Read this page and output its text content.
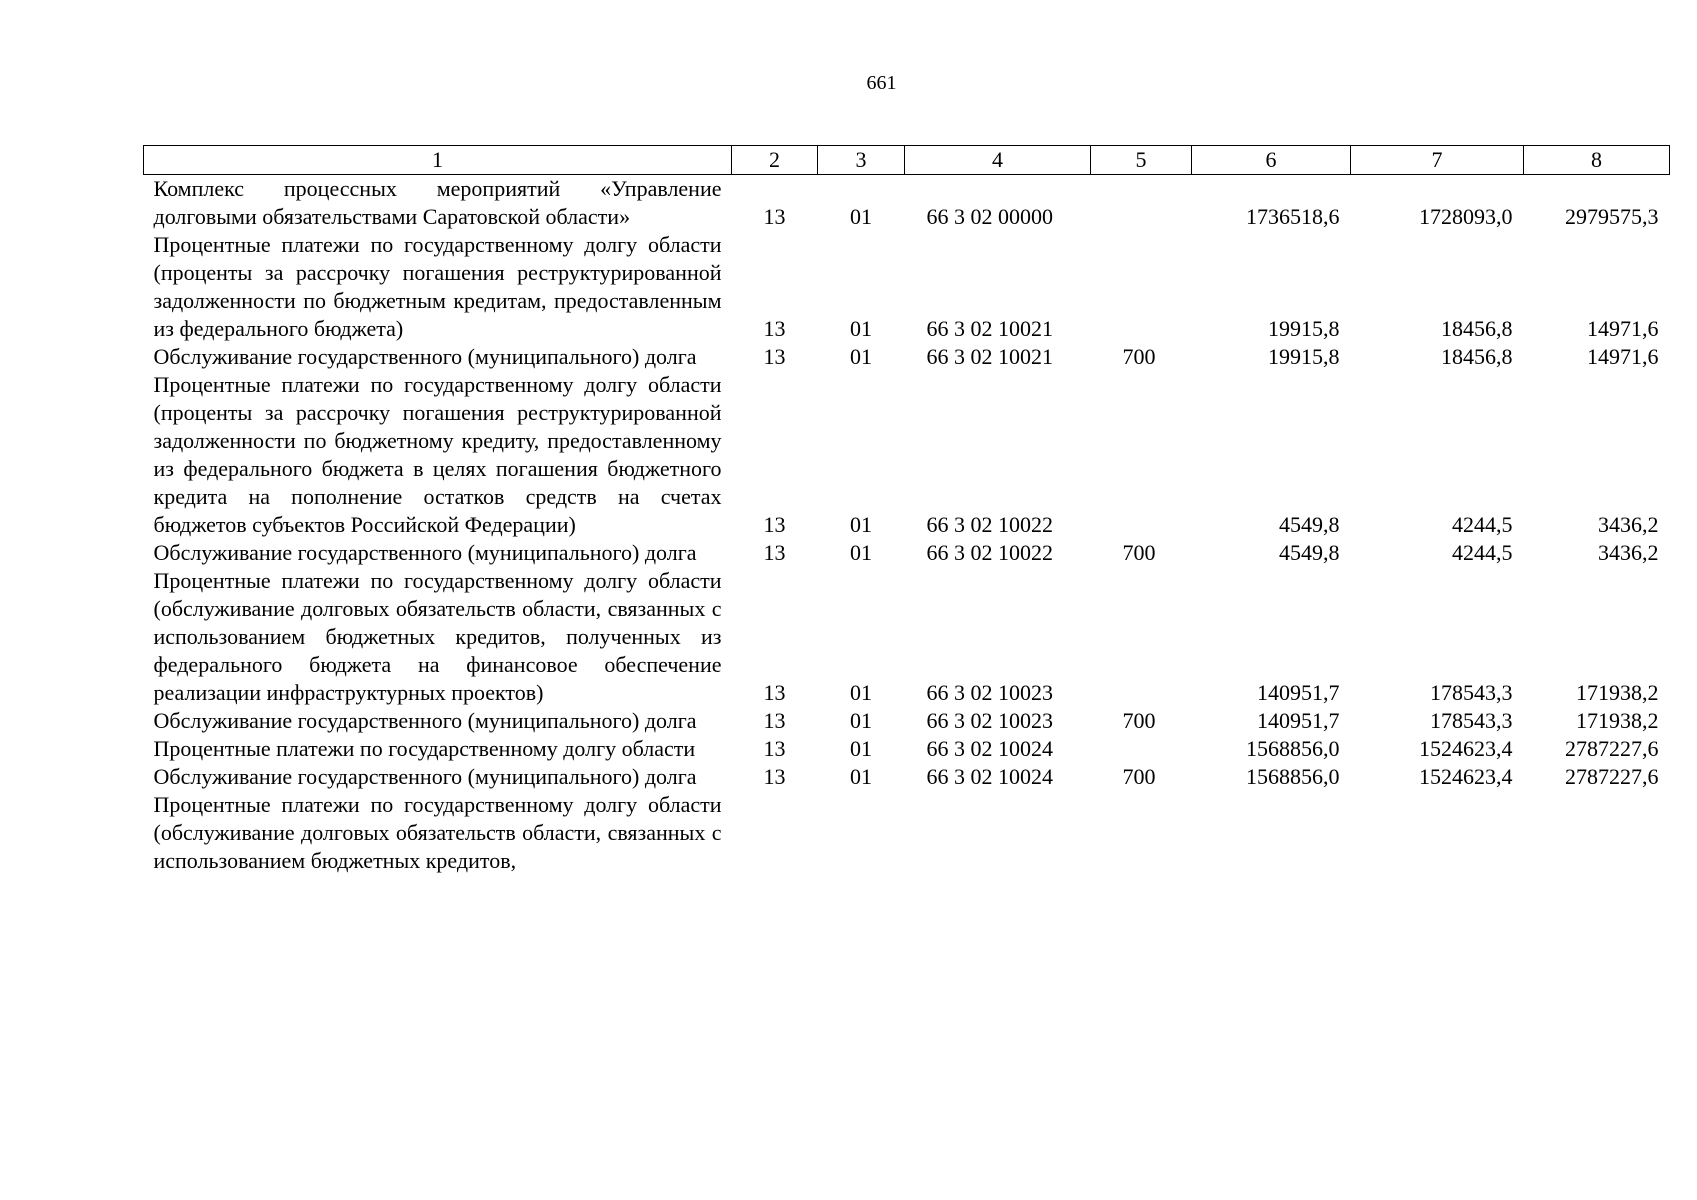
661
1	2	3	4	5	6	7	8
Комплекс процессных мероприятий «Управление долговыми обязательствами Саратовской области»	13	01	66 3 02 00000		1736518,6	1728093,0	2979575,3
Процентные платежи по государственному долгу области (проценты за рассрочку погашения реструктурированной задолженности по бюджетным кредитам, предоставленным из федерального бюджета)	13	01	66 3 02 10021		19915,8	18456,8	14971,6
Обслуживание государственного (муниципального) долга	13	01	66 3 02 10021	700	19915,8	18456,8	14971,6
Процентные платежи по государственному долгу области (проценты за рассрочку погашения реструктурированной задолженности по бюджетному кредиту, предоставленному из федерального бюджета в целях погашения бюджетного кредита на пополнение остатков средств на счетах бюджетов субъектов Российской Федерации)	13	01	66 3 02 10022		4549,8	4244,5	3436,2
Обслуживание государственного (муниципального) долга	13	01	66 3 02 10022	700	4549,8	4244,5	3436,2
Процентные платежи по государственному долгу области (обслуживание долговых обязательств области, связанных с использованием бюджетных кредитов, полученных из федерального бюджета на финансовое обеспечение реализации инфраструктурных проектов)	13	01	66 3 02 10023		140951,7	178543,3	171938,2
Обслуживание государственного (муниципального) долга	13	01	66 3 02 10023	700	140951,7	178543,3	171938,2
Процентные платежи по государственному долгу области	13	01	66 3 02 10024		1568856,0	1524623,4	2787227,6
Обслуживание государственного (муниципального) долга	13	01	66 3 02 10024	700	1568856,0	1524623,4	2787227,6
Процентные платежи по государственному долгу области (обслуживание долговых обязательств области, связанных с использованием бюджетных кредитов,							
